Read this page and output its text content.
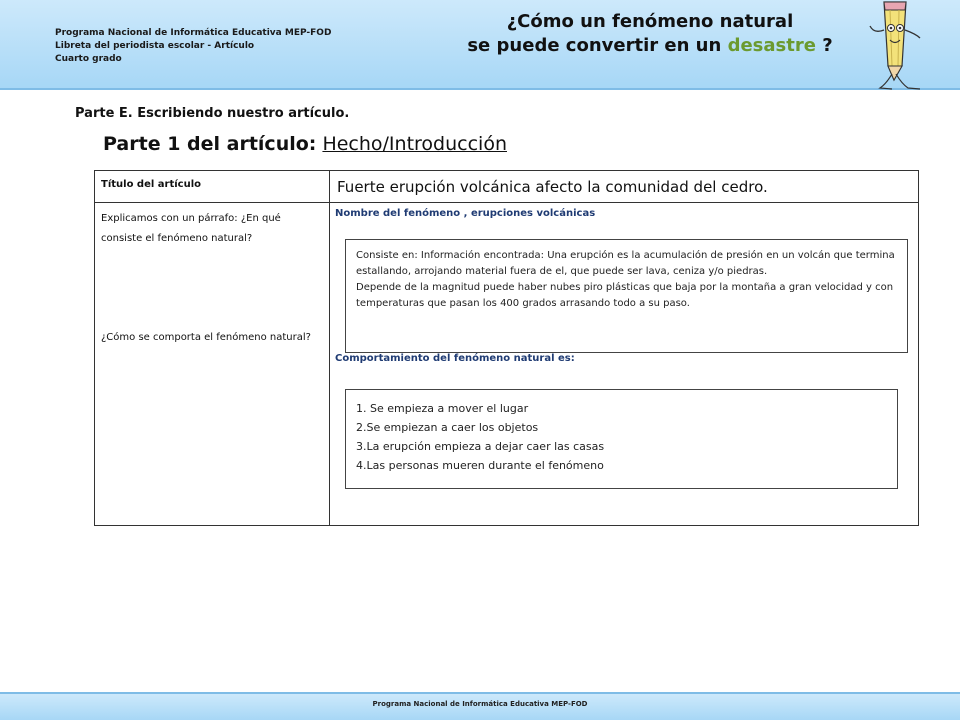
Programa Nacional de Informática Educativa MEP-FOD
Libreta del periodista escolar - Artículo
Cuarto grado
¿Cómo un fenómeno natural
se puede convertir en un desastre ?
Parte E. Escribiendo nuestro artículo.
Parte 1 del artículo: Hecho/Introducción
Título del artículo	Fuerte erupción volcánica afecto la comunidad del cedro.
Explicamos con un párrafo: ¿En qué consiste el fenómeno natural?
¿Cómo se comporta el fenómeno natural?
Nombre del fenómeno , erupciones volcánicas
Consiste en: Información encontrada: Una erupción es la acumulación de presión en un volcán que termina estallando, arrojando material fuera de el, que puede ser lava, ceniza y/o piedras.
Depende de la magnitud puede haber nubes piro plásticas que baja por la montaña a gran velocidad y con temperaturas que pasan los 400 grados arrasando todo a su paso.
Comportamiento del fenómeno natural es:
1. Se empieza a mover el lugar
2.Se empiezan a caer los objetos
3.La erupción empieza a dejar caer las casas
4.Las personas mueren durante el fenómeno
Programa Nacional de Informática Educativa MEP-FOD
